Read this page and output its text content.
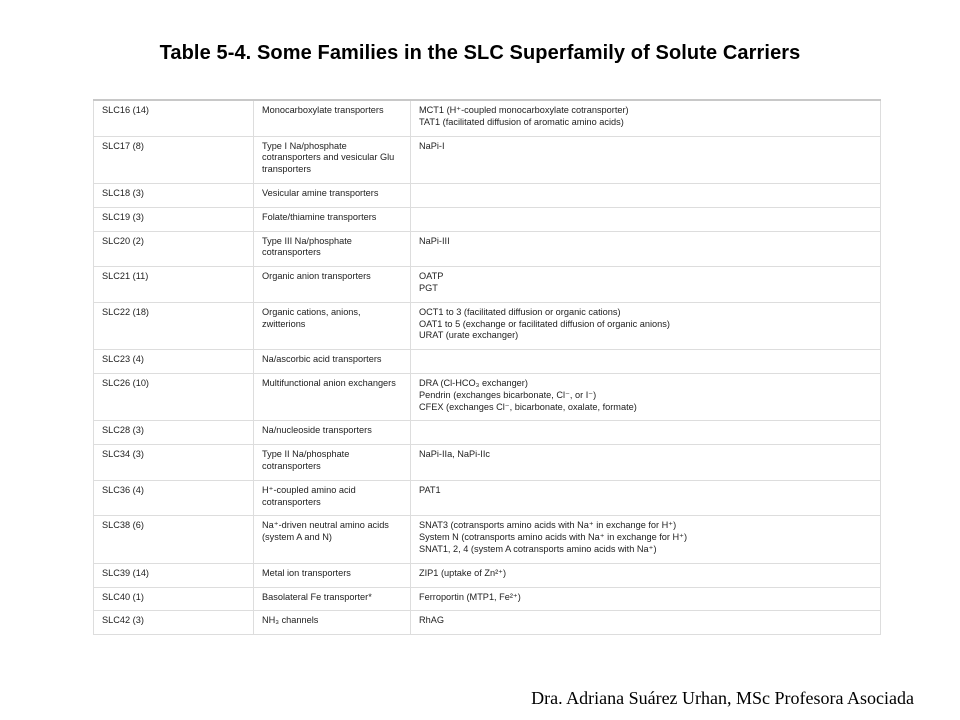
Table 5-4. Some Families in the SLC Superfamily of Solute Carriers
SLC16 (14)	Monocarboxylate transporters	MCT1 (H⁺-coupled monocarboxylate cotransporter)
TAT1 (facilitated diffusion of aromatic amino acids)

SLC17 (8)	Type I Na/phosphate cotransporters and vesicular Glu transporters	NaPi-I

SLC18 (3)	Vesicular amine transporters	
SLC19 (3)	Folate/thiamine transporters	
SLC20 (2)	Type III Na/phosphate cotransporters	NaPi-III

SLC21 (11)	Organic anion transporters	OATP
PGT

SLC22 (18)	Organic cations, anions, zwitterions	OCT1 to 3 (facilitated diffusion or organic cations)
OAT1 to 5 (exchange or facilitated diffusion of organic anions)
URAT (urate exchanger)

SLC23 (4)	Na/ascorbic acid transporters	
SLC26 (10)	Multifunctional anion exchangers	DRA (Cl-HCO₃ exchanger)
Pendrin (exchanges bicarbonate, Cl⁻, or I⁻)
CFEX (exchanges Cl⁻, bicarbonate, oxalate, formate)

SLC28 (3)	Na/nucleoside transporters	
SLC34 (3)	Type II Na/phosphate cotransporters	NaPi-IIa, NaPi-IIc

SLC36 (4)	H⁺-coupled amino acid cotransporters	PAT1

SLC38 (6)	Na⁺-driven neutral amino acids (system A and N)	SNAT3 (cotransports amino acids with Na⁺ in exchange for H⁺)
System N (cotransports amino acids with Na⁺ in exchange for H⁺)
SNAT1, 2, 4 (system A cotransports amino acids with Na⁺)

SLC39 (14)	Metal ion transporters	ZIP1 (uptake of Zn²⁺)

SLC40 (1)	Basolateral Fe transporter*	Ferroportin (MTP1, Fe²⁺)

SLC42 (3)	NH₃ channels	RhAG
Dra. Adriana Suárez Urhan, MSc Profesora Asociada
